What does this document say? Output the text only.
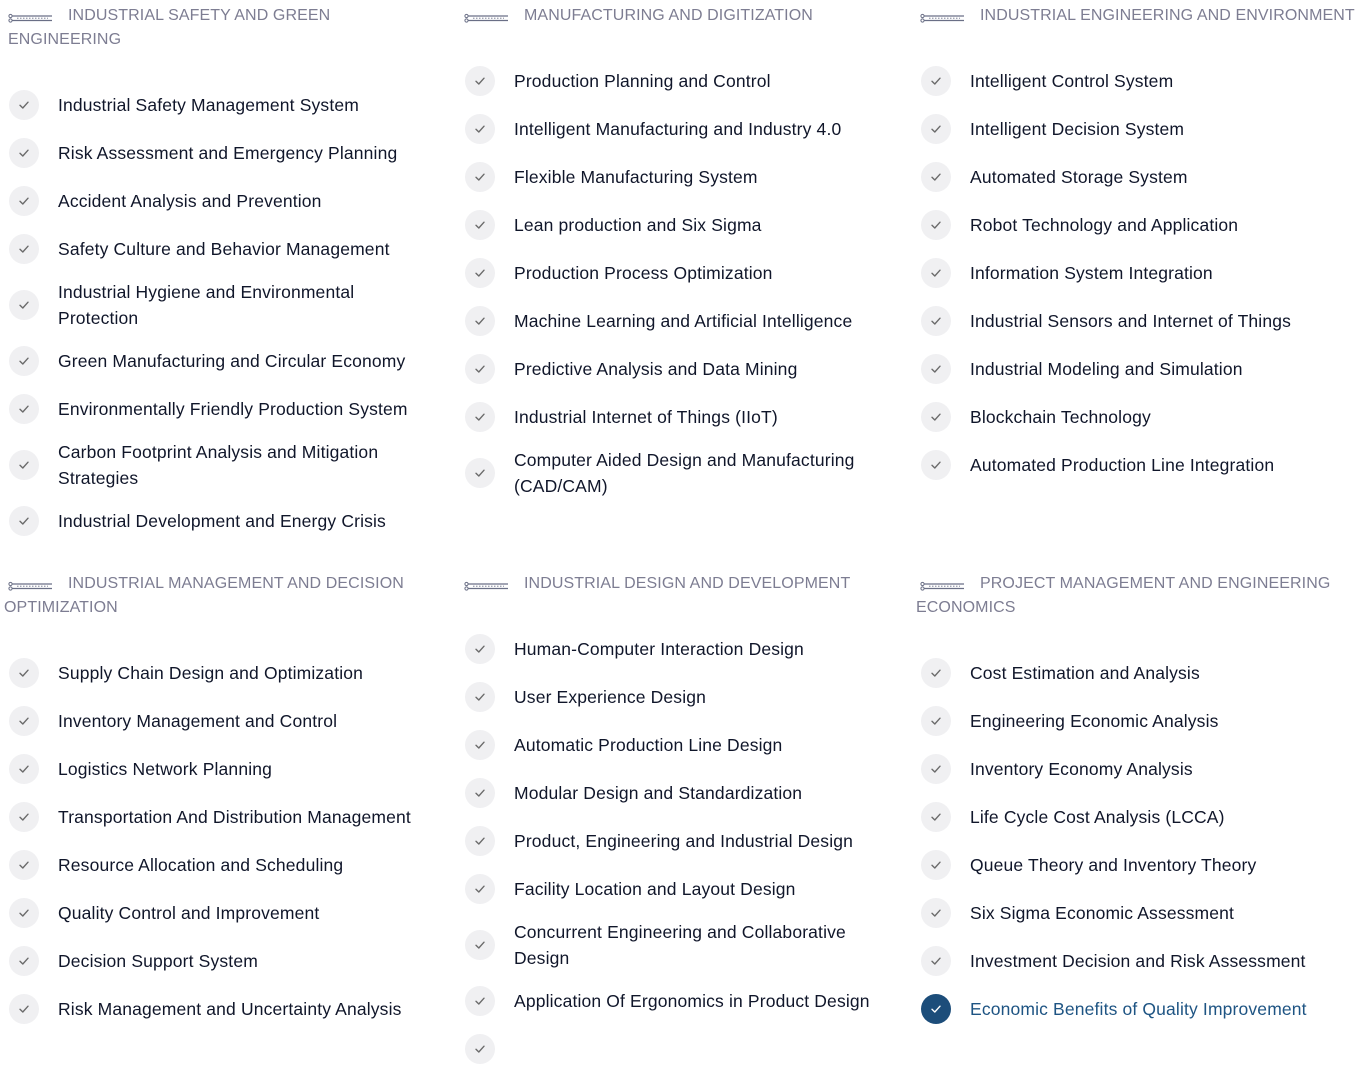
INDUSTRIAL SAFETY AND GREEN ENGINEERING
Industrial Safety Management System
Risk Assessment and Emergency Planning
Accident Analysis and Prevention
Safety Culture and Behavior Management
Industrial Hygiene and Environmental Protection
Green Manufacturing and Circular Economy
Environmentally Friendly Production System
Carbon Footprint Analysis and Mitigation Strategies
Industrial Development and Energy Crisis
MANUFACTURING AND DIGITIZATION
Production Planning and Control
Intelligent Manufacturing and Industry 4.0
Flexible Manufacturing System
Lean production and Six Sigma
Production Process Optimization
Machine Learning and Artificial Intelligence
Predictive Analysis and Data Mining
Industrial Internet of Things (IIoT)
Computer Aided Design and Manufacturing (CAD/CAM)
INDUSTRIAL ENGINEERING AND ENVIRONMENT
Intelligent Control System
Intelligent Decision System
Automated Storage System
Robot Technology and Application
Information System Integration
Industrial Sensors and Internet of Things
Industrial Modeling and Simulation
Blockchain Technology
Automated Production Line Integration
INDUSTRIAL MANAGEMENT AND DECISION OPTIMIZATION
Supply Chain Design and Optimization
Inventory Management and Control
Logistics Network Planning
Transportation And Distribution Management
Resource Allocation and Scheduling
Quality Control and Improvement
Decision Support System
Risk Management and Uncertainty Analysis
INDUSTRIAL DESIGN AND DEVELOPMENT
Human-Computer Interaction Design
User Experience Design
Automatic Production Line Design
Modular Design and Standardization
Product, Engineering and Industrial Design
Facility Location and Layout Design
Concurrent Engineering and Collaborative Design
Application Of Ergonomics in Product Design
PROJECT MANAGEMENT AND ENGINEERING ECONOMICS
Cost Estimation and Analysis
Engineering Economic Analysis
Inventory Economy Analysis
Life Cycle Cost Analysis (LCCA)
Queue Theory and Inventory Theory
Six Sigma Economic Assessment
Investment Decision and Risk Assessment
Economic Benefits of Quality Improvement
